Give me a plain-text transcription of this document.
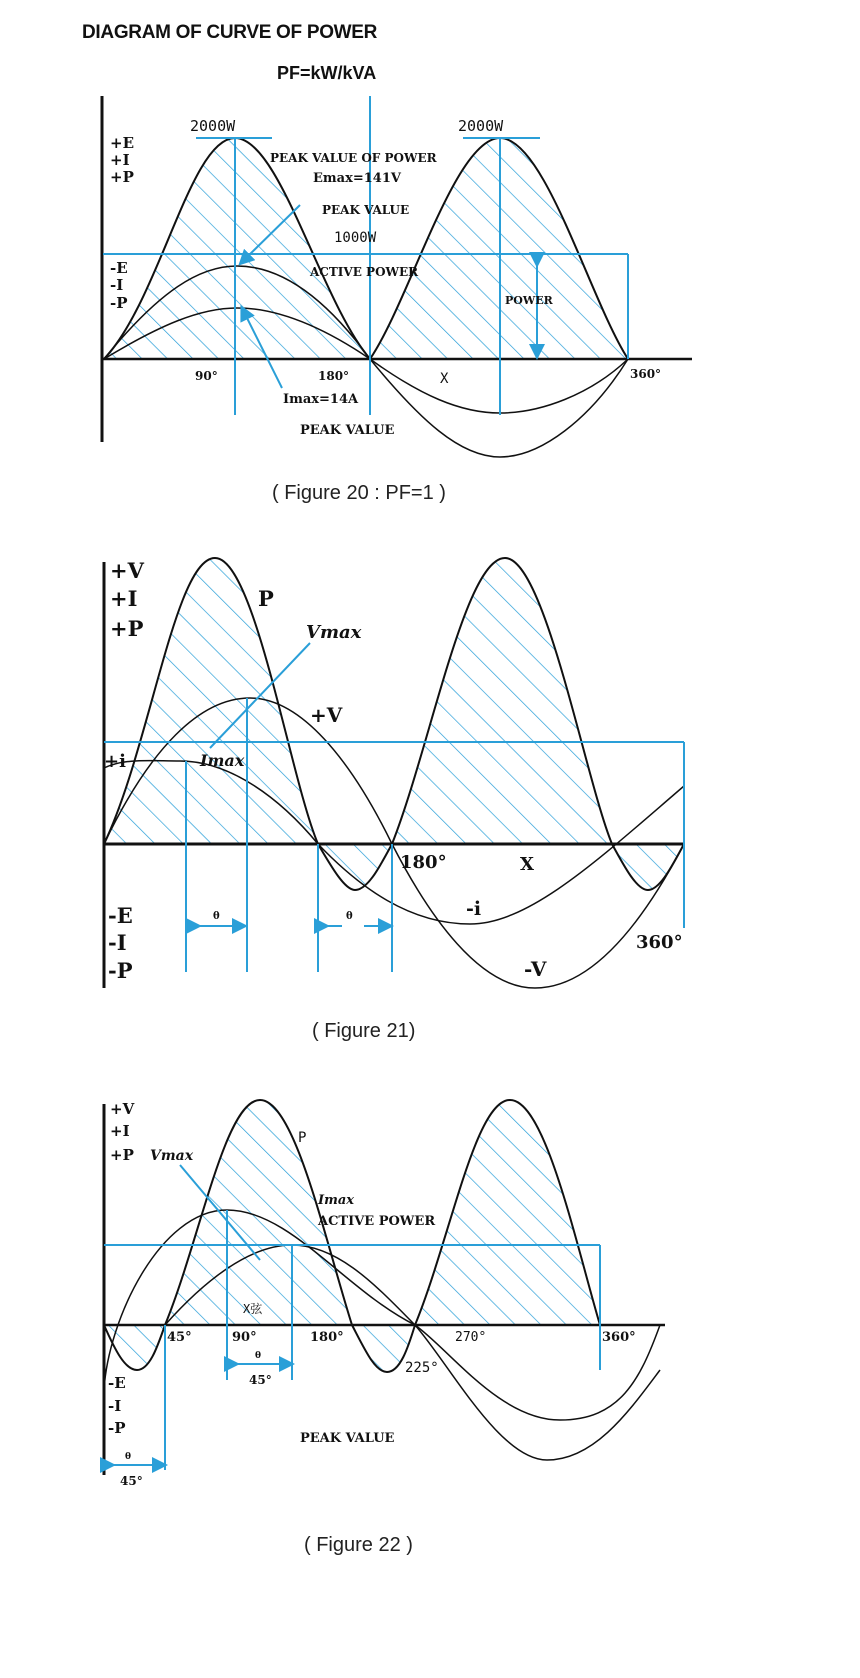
DIAGRAM OF CURVE OF POWER
PF=kW/kVA
+E
+I
+P
-E
-I
-P
2000W	2000W
PEAK VALUE OF POWER
Emax=141V
PEAK VALUE
1000W
ACTIVE POWER
POWER
90°	180°	360°
X
Imax=14A
PEAK VALUE
( Figure 20 : PF=1 )
+V
+I
+P
-E
-I
-P
P
Vmax
+V
+i	Imax
180°	X
-i
360°
-V
θ	θ
( Figure 21)
+V
+I
+P
-E
-I
-P
Vmax
P
Imax
ACTIVE POWER
X弦
45°	90°	180°	270°	360°
225°
θ
45°
PEAK VALUE
θ
45°
( Figure 22 )
